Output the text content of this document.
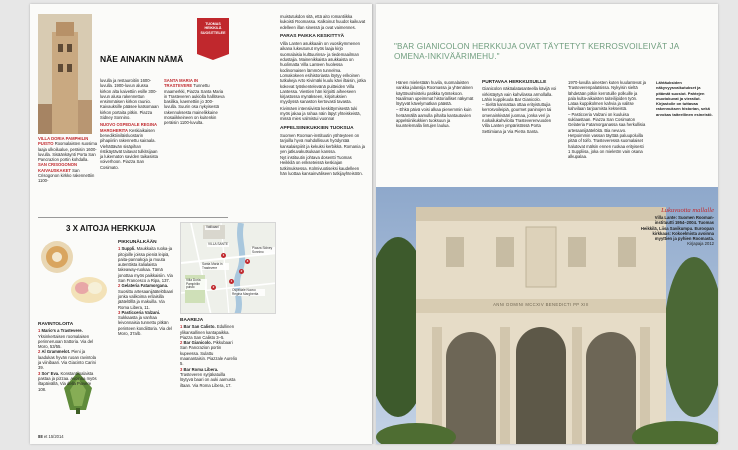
TUOMAS
HEIKKILÄ
SUOSITTELEE
NÄE AINAKIN NÄMÄ

VILLA DORIA PAMPHILIN PUISTO Roomalaisten suosima laaja ulkoilualue, peräisin 1600-luvulla. Sisäänkäynti Porta San Pancrazion portin kohdalla.

SAN CRISOGONON KAIVAUSKAKET San Crisogonon kirkko rakennettiin 1100-

luvulla ja restauroitiin 1600-luvulla. 1900-luvun alussa kirkon alta kaivettiin esille 300-luvun alusa rakennettun ensimmäisen kirkon raunio. Kaivauksille pääsee katsomaan kirkon portaita pitkin. Piazza Sidney Sonnino.

NUOVO OSPEDALE REGINA MARGHERITA Keskiaikaisen benediktiiniläisluostarin pihapiiriin rakennettu sairaala. Viehättävän sisäpihan ristikäytävät taitavat tulkitsijaan ja lukematon saviden taikasista voiverhoon. Piazza San Cosimato.

SANTA MARIA IN TRASTEVERE Tunnettu maamerkki, Piazza Santa Maria in Trasteveren aukiolla hallitseva basilika, kaemettiin jo 300-luvulla. Suurin osa nykyisestä rakennuksesta mainelikkaine mosaiikkeineen on kuitenkin peräisin 1100-luvulta.
3 X AITOJA HERKKUJA
PIKKUNÄLKÄÄN

1 Suppli. Maukkaita ruoka-ja pitojoille joissa pieniä leipiä, paita-pannakoja ja muuta autenttista italialaista takeaway-ruokaa. Tämä jonottaa myös paikkaisiin. Via San Francesco a Ripa, 137.

2 Gelateria Fatamorgana. Suosittu artesaanijäätelöbaari jonka valikoima erilaisilla jäätelölllä ja makuilla. Via Roma Libera, 11.

3 Pasticceria Valzani. Sukkaasta ja vanhaa leivonnaisia tunnettu pitkän perinteen kondiittoria. Via del Moro, 37a/b.

RAVINTOLOITA

1 Mario's a Trastevere. Yksinkertaisen roomalaisen perinneruoan trattoria. Via del Moro, 53/55.

2 Al Grammelot. Pieni ja laadukas hyvän ruoan ravintola ja viinibaari. Via Giacinto Carini 39.

3 Sor' Eva. Konstantiinalaista pastaa ja pizzaa. Avoinna myös iltapäivällä, Via della Piovere 108.

Vatikaani
VILLA SANTE
Santa Maria in Trastevere
Piazza Sidney Sonnino
Villa Doria Pamphilin puisto
Ospedale Nuovo Regina Margherita
1
2
3
1
2
BAAREJA

1 Bar San Calisto. Edullinen ylikansallinen kantapaikka. Piazza San Calisto 3–5.

2 Bar Gianicolo. Pikkubaari San Pancrazion portin kupeessa. Sulattu maanantaisin. Piazzale Aurelio 5.

3 Bar Roma Libera. Trasteveren syrjäkatuilla löytyvä baari on auki aamusta iltaan. Via Roma Libera, 17.

muistutukdon sitä, että aito romantiikka kukoisti Roomassa. Kalkoinut huudot kaikuvat edelleen illan sinessä ja ovat vaimennes.

PARAS PAIKKA KESKITTYÄ

Villa Lanten asukkaaiin on vuosikymmenen aikana lukeutunut myös laaja kirjo suomalaisia kulttuurinsa- ja tiedemaailman edustajia. Mainenikkaista asukkaista on huolimatta Villa Lanteen huolessa kodinomaisen lämmön tunnelma. Lomakokeen esihistoriasta löytyy erikoinen tutkukeja Arto Kivimäki kuulu kävi iltaisin, jotka kokevat työskentelevänä puitteiden Villa Lantessa. Viestien hän kirjoitti aiheeseen kirjastossa mynäkseen, kirjoituksien myydyssä sanaston kertovasti tavasta.

Kivimäen intensiivistä keskittymisestä tuki myös jakaa ja rahaa näin läpyt yhteiskeistä, missä mies valmistui vuonna!

APPELSIINIKUKKIEN TUOKSUA

Suomen Rooman-instituutin yöhteyteen on tarjoilla hyvä mahdollisuus hyödyntää kansalaispiirit ja kekuksi kerbikkä. Romania ja yen jatkuvakutsukaan kanssa.

Nyt instituutin johtava dosentti Tuomas Heikkilä on erikseteissä keskiajan tutkimuksessa. Kolmivuotiseksi kaudelleen hän luottaa kansainväliseen tutkijayhteisöön.

88 et 15/2014
"BAR GIANICOLON HERKKUJA OVAT TÄYTETYT KERROSVOILEIVÄT JA OMENA-INKIVÄÄRIMEHU."

Hänen mielestään huvila, suomalaisten vankka jalansija Roomassa ja yhtenäinen käyttövalmistelu patikka työntekoon. Naaliman upeimmat historialliset näkymät löytyvät kävelymatkan päästä.

– Ehkä päivä voisi alkaa pienemmin kuin heräämällä aamulla pihalta kantautuvien appelsiinikukkien tuoksuun ja kuuntelemalla lintujen laulua.

PURTAVAA HERKKUSUILLE

Gianicolon näköalatasanteella kävijä voi virkistäytyä vain kahvilassa armollalla. Lähin kuppikuula Bar Gianicolo.

– Sieltä kannattaa ottaa erityistuttujia kerrosvoileipiä, gourmet paninojen tai omenainkivääri juomaa, jonka veri ja ruokailukahviloita Trasteverenvuoden Villa Lanten ympäristössä Porta Settimiana ja Via Pietra Santa.

1970-luvulla ainesten kuten kuulantevat ja Trasteverenpalatsissa. Nykyisin sieltä lähdetään pitkin kerrotuille polkuille ja pala kulta-aikaisten taiteilijoiden työn. Lataa kuppikolmen kahvia ja valitse kahvilaan tarjoamista kekseistä.

– Pasticceria Valzani on kuuluisa suklaastaan. Piazza San Cosimaton Gelateria Fatamorganassa saa herkullisia artesaanijäätelöitä. Bia nevuvo.

Hetpoimmin vassan täyttää paluupoluilla pitää of toifo. Trasteveressä suomalaiset halutovat mälsin ennen ruokaa erityisesti 1 Suppliisa, joka on mieletön vain osana alkupalaa.

Lähtäuksiden näkyvyysvaikutukset ja pitämät suosiot. Pahtejen muotokuvat ja vierailut. Kirjastolle on tuttavaa rakennuksen historian, sekä arvokas taiteellinen esineistö.
ANNI DOMINI MCCXIV BENEDICTI PP XIII
Lukuvuotta mallalle
Villa Lante: Suomen Rooman-instituutti 1954–2004. Tuomas Heikkilä, Liisa Savikumpu. Euroopan kirkkaus: Kokoelmista avoinna myyttien ja pyhien Roomasta.
Kirjapaja 2012
